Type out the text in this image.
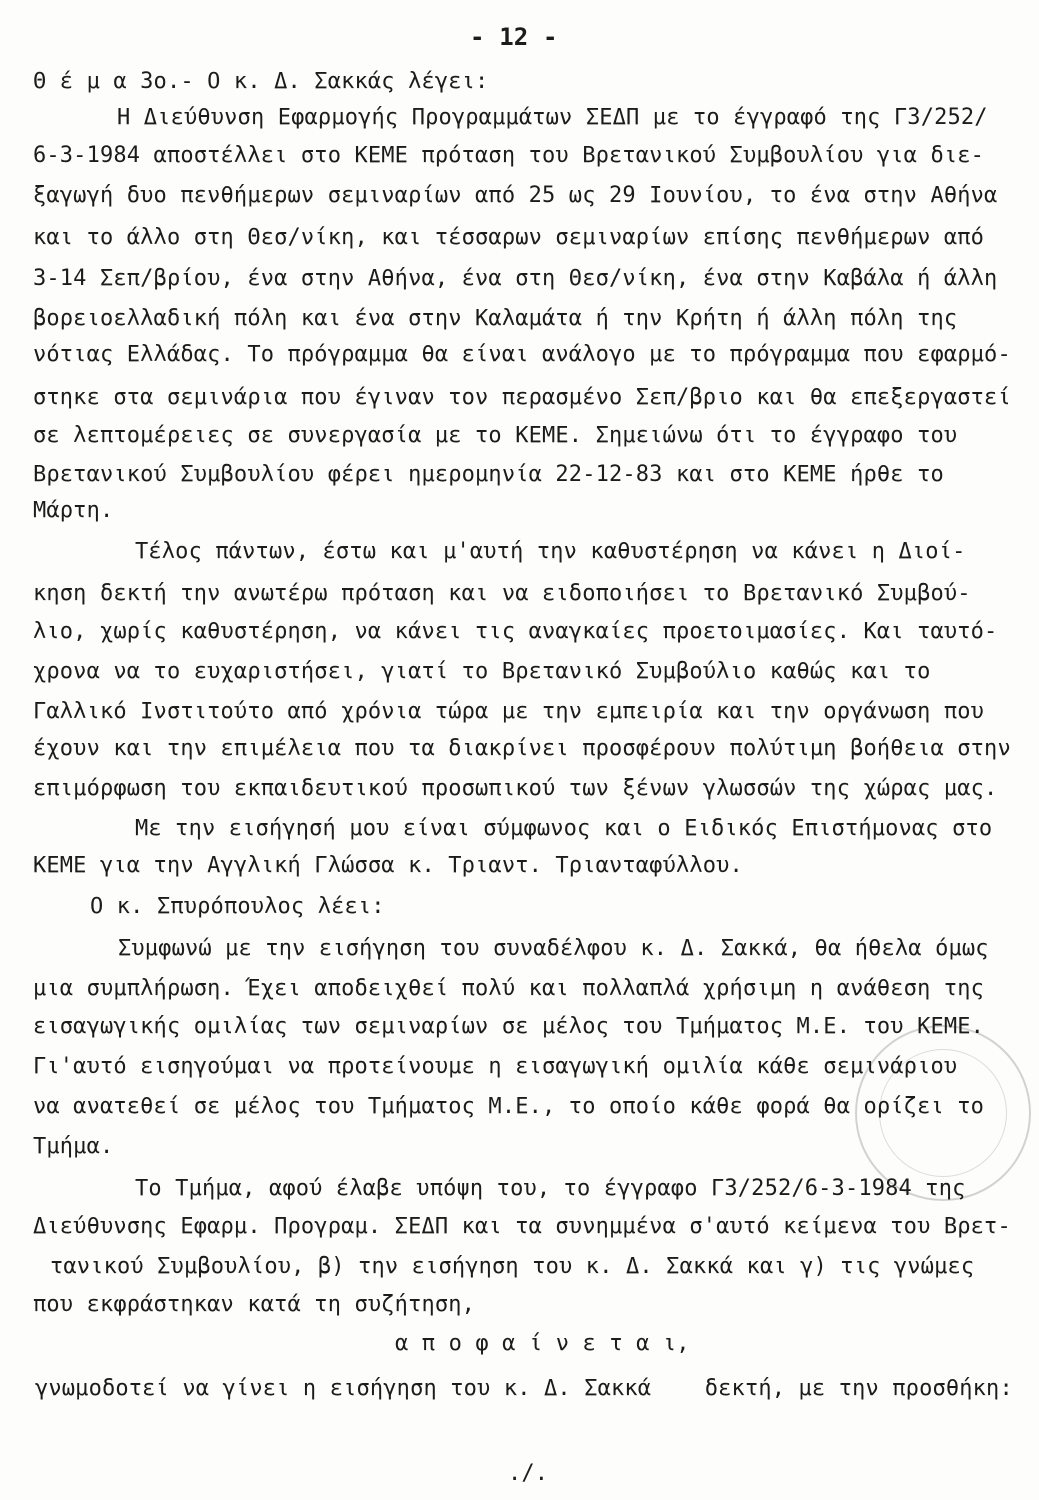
- 12 -
Θ έ μ α 3ο.- Ο κ. Δ. Σακκάς λέγει:
Η Διεύθυνση Εφαρμογής Προγραμμάτων ΣΕΔΠ με το έγγραφό της Γ3/252/
6-3-1984 αποστέλλει στο ΚΕΜΕ πρόταση του Βρετανικού Συμβουλίου για διε-
ξαγωγή δυο πενθήμερων σεμιναρίων από 25 ως 29 Ιουνίου, το ένα στην Αθήνα
και το άλλο στη Θεσ/νίκη, και τέσσαρων σεμιναρίων επίσης πενθήμερων από
3-14 Σεπ/βρίου, ένα στην Αθήνα, ένα στη Θεσ/νίκη, ένα στην Καβάλα ή άλλη
βορειοελλαδική πόλη και ένα στην Καλαμάτα ή την Κρήτη ή άλλη πόλη της
νότιας Ελλάδας. Το πρόγραμμα θα είναι ανάλογο με το πρόγραμμα που εφαρμό-
στηκε στα σεμινάρια που έγιναν τον περασμένο Σεπ/βριο και θα επεξεργαστεί
σε λεπτομέρειες σε συνεργασία με το ΚΕΜΕ. Σημειώνω ότι το έγγραφο του
Βρετανικού Συμβουλίου φέρει ημερομηνία 22-12-83 και στο ΚΕΜΕ ήρθε το
Μάρτη.
Τέλος πάντων, έστω και μ'αυτή την καθυστέρηση να κάνει η Διοί-
κηση δεκτή την ανωτέρω πρόταση και να ειδοποιήσει το Βρετανικό Συμβού-
λιο, χωρίς καθυστέρηση, να κάνει τις αναγκαίες προετοιμασίες. Και ταυτό-
χρονα να το ευχαριστήσει, γιατί το Βρετανικό Συμβούλιο καθώς και το
Γαλλικό Ινστιτούτο από χρόνια τώρα με την εμπειρία και την οργάνωση που
έχουν και την επιμέλεια που τα διακρίνει προσφέρουν πολύτιμη βοήθεια στην
επιμόρφωση του εκπαιδευτικού προσωπικού των ξένων γλωσσών της χώρας μας.
Με την εισήγησή μου είναι σύμφωνος και ο Ειδικός Επιστήμονας στο
ΚΕΜΕ για την Αγγλική Γλώσσα κ. Τριαντ. Τριανταφύλλου.
Ο κ. Σπυρόπουλος λέει:
Συμφωνώ με την εισήγηση του συναδέλφου κ. Δ. Σακκά, θα ήθελα όμως
μια συμπλήρωση. Έχει αποδειχθεί πολύ και πολλαπλά χρήσιμη η ανάθεση της
εισαγωγικής ομιλίας των σεμιναρίων σε μέλος του Τμήματος Μ.Ε. του ΚΕΜΕ.
Γι'αυτό εισηγούμαι να προτείνουμε η εισαγωγική ομιλία κάθε σεμινάριου
να ανατεθεί σε μέλος του Τμήματος Μ.Ε., το οποίο κάθε φορά θα ορίζει το
Τμήμα.
Το Τμήμα, αφού έλαβε υπόψη του, το έγγραφο Γ3/252/6-3-1984 της
Διεύθυνσης Εφαρμ. Προγραμ. ΣΕΔΠ και τα συνημμένα σ'αυτό κείμενα του Βρετ-
τανικού Συμβουλίου, β) την εισήγηση του κ. Δ. Σακκά και γ) τις γνώμες
που εκφράστηκαν κατά τη συζήτηση,
α π ο φ α ί ν ε τ α ι,
γνωμοδοτεί να γίνει η εισήγηση του κ. Δ. Σακκά    δεκτή, με την προσθήκη:
./.
